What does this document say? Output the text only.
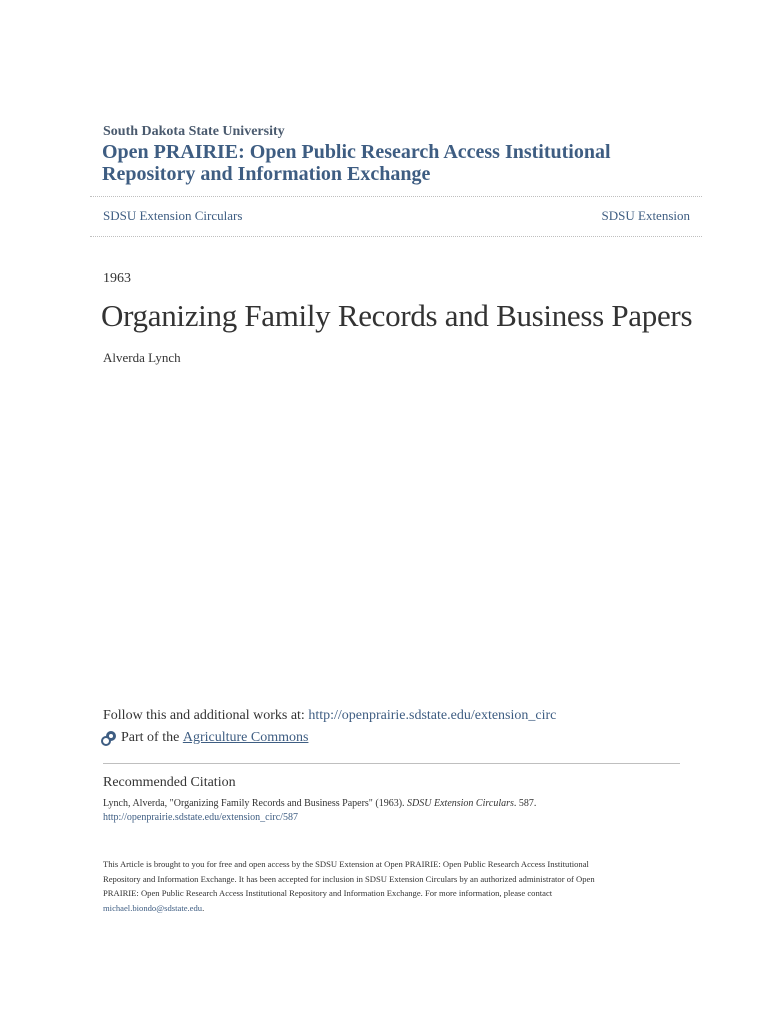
South Dakota State University
Open PRAIRIE: Open Public Research Access Institutional Repository and Information Exchange
SDSU Extension Circulars	SDSU Extension
1963
Organizing Family Records and Business Papers
Alverda Lynch
Follow this and additional works at: http://openprairie.sdstate.edu/extension_circ
Part of the
Agriculture Commons
Recommended Citation
Lynch, Alverda, "Organizing Family Records and Business Papers" (1963). SDSU Extension Circulars. 587.
http://openprairie.sdstate.edu/extension_circ/587
This Article is brought to you for free and open access by the SDSU Extension at Open PRAIRIE: Open Public Research Access Institutional
Repository and Information Exchange. It has been accepted for inclusion in SDSU Extension Circulars by an authorized administrator of Open
PRAIRIE: Open Public Research Access Institutional Repository and Information Exchange. For more information, please contact
michael.biondo@sdstate.edu.
